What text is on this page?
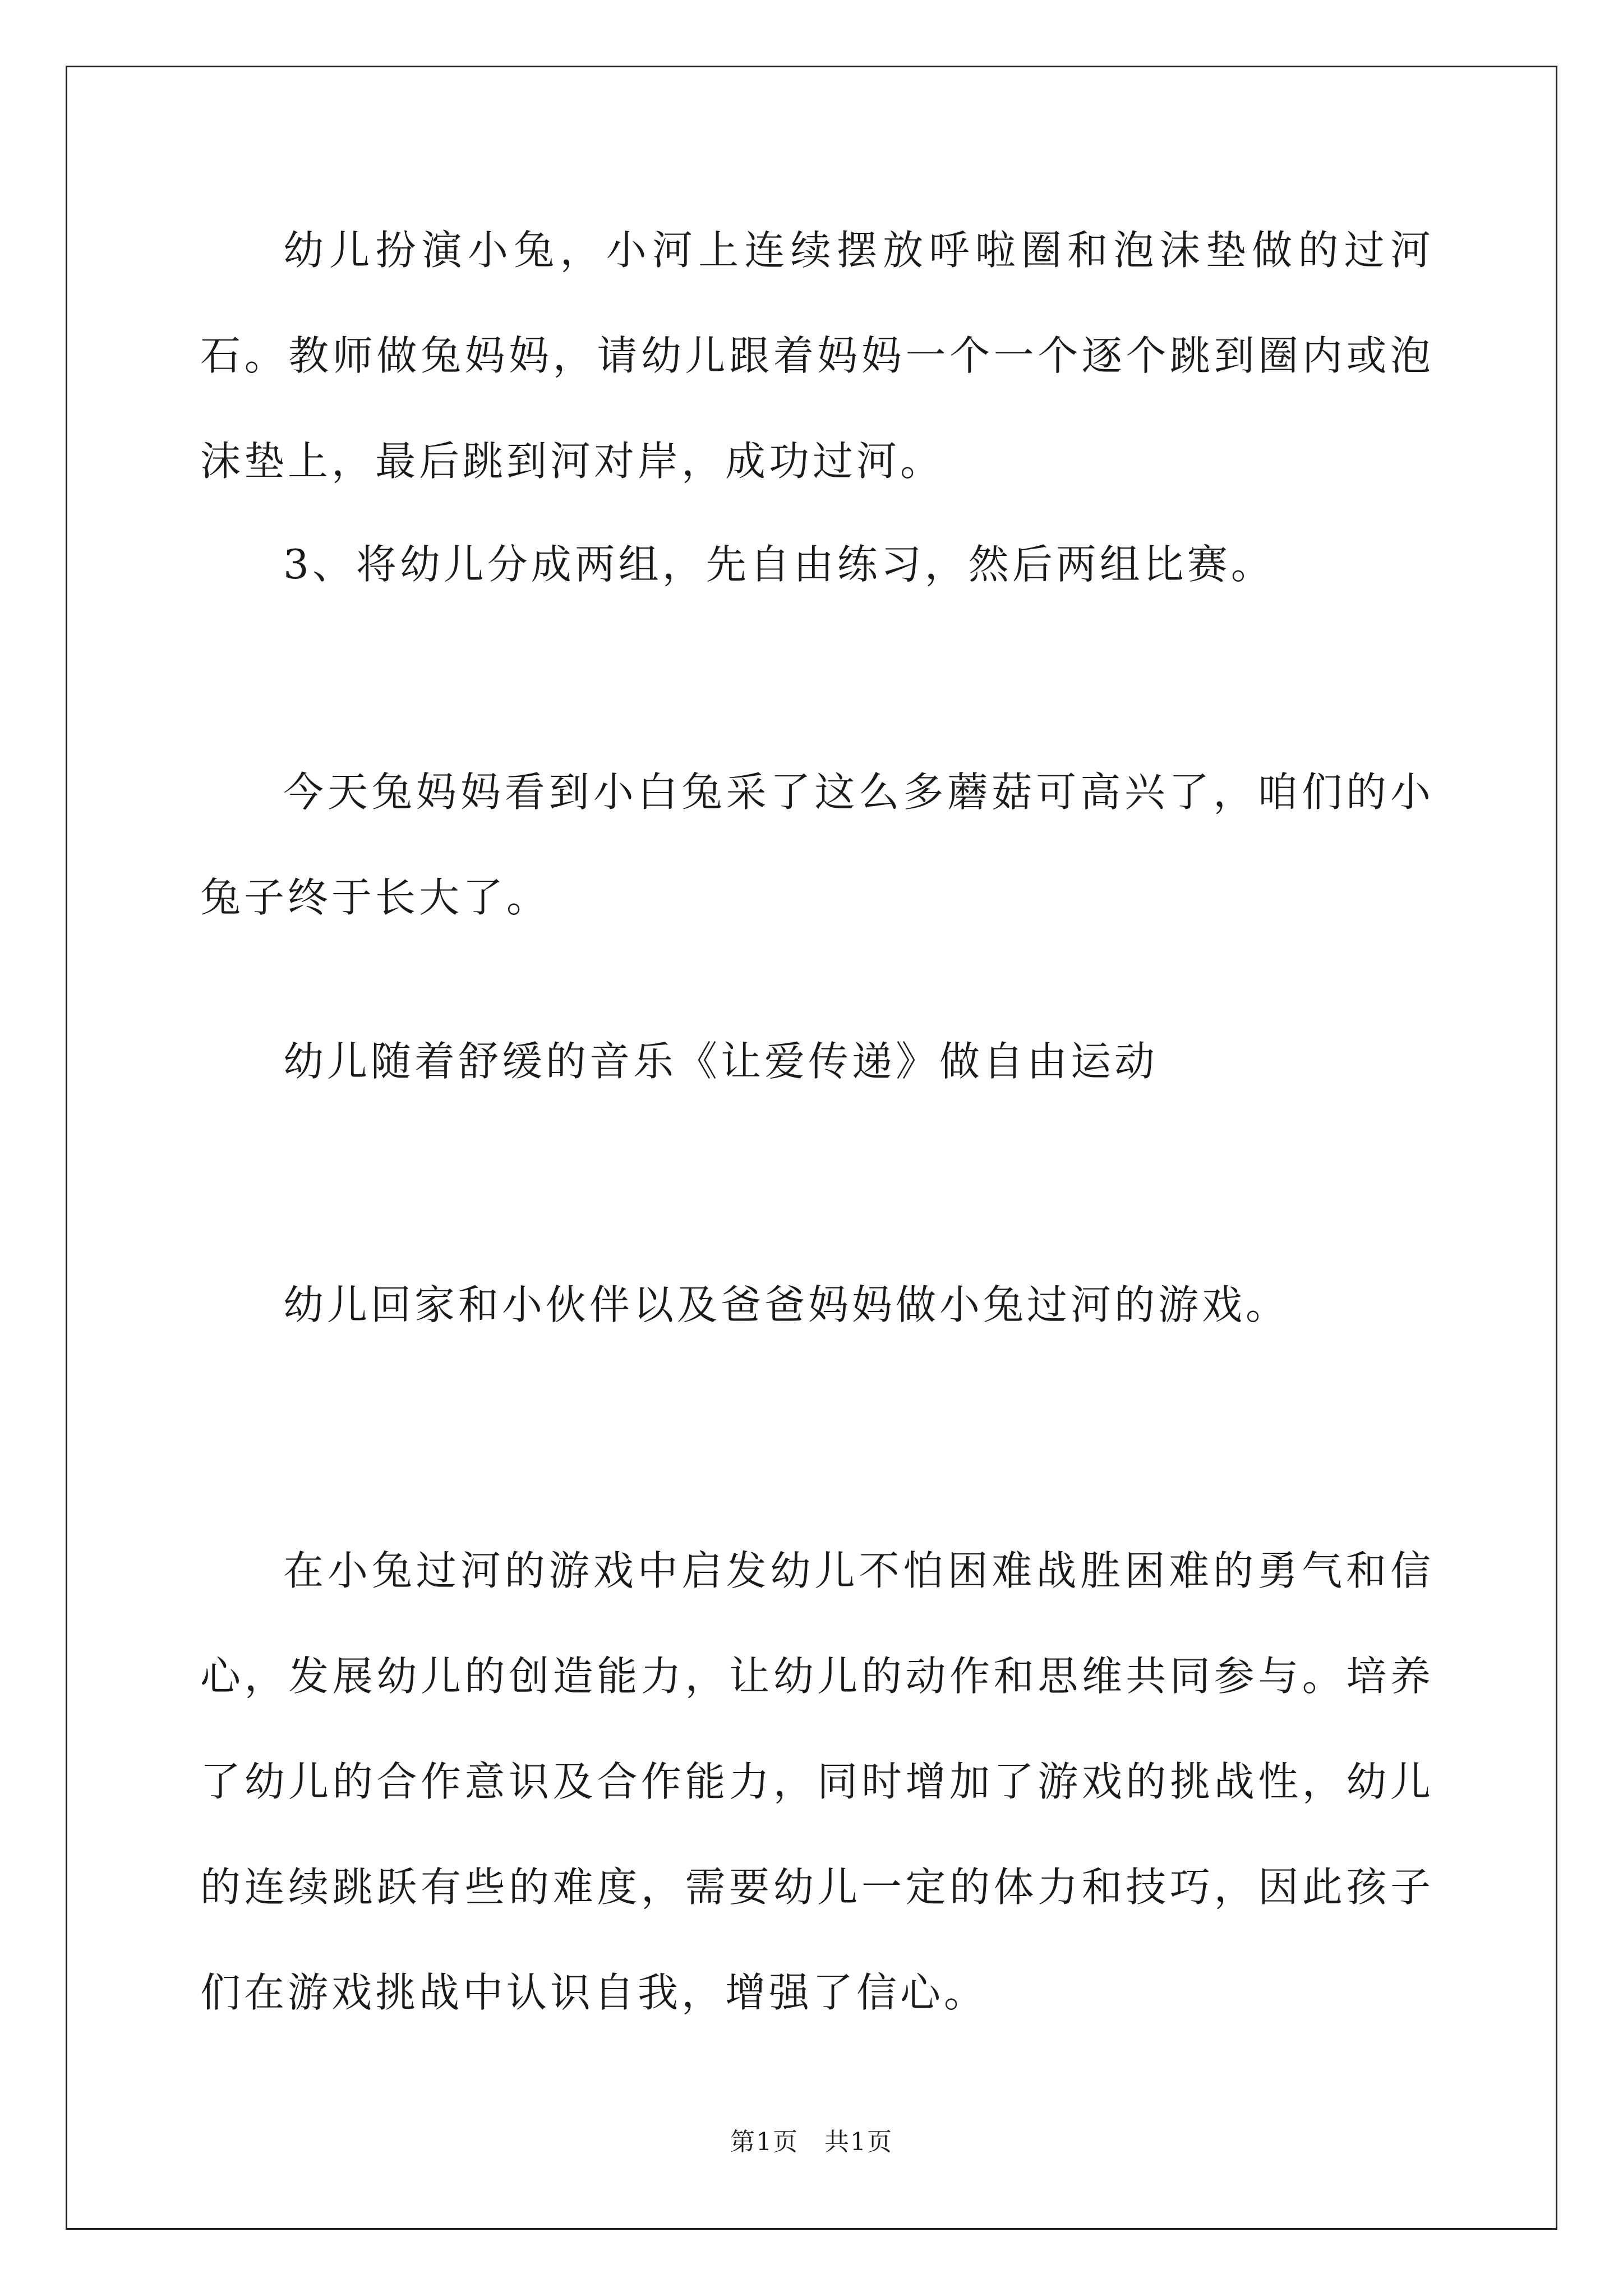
幼儿扮演小兔，小河上连续摆放呼啦圈和泡沫垫做的过河石。教师做兔妈妈，请幼儿跟着妈妈一个一个逐个跳到圈内或泡沫垫上，最后跳到河对岸，成功过河。

3、将幼儿分成两组，先自由练习，然后两组比赛。

今天兔妈妈看到小白兔采了这么多蘑菇可高兴了，咱们的小兔子终于长大了。

幼儿随着舒缓的音乐《让爱传递》做自由运动

幼儿回家和小伙伴以及爸爸妈妈做小兔过河的游戏。

在小兔过河的游戏中启发幼儿不怕困难战胜困难的勇气和信心，发展幼儿的创造能力，让幼儿的动作和思维共同参与。培养了幼儿的合作意识及合作能力，同时增加了游戏的挑战性，幼儿的连续跳跃有些的难度，需要幼儿一定的体力和技巧，因此孩子们在游戏挑战中认识自我，增强了信心。

第1页　共1页
